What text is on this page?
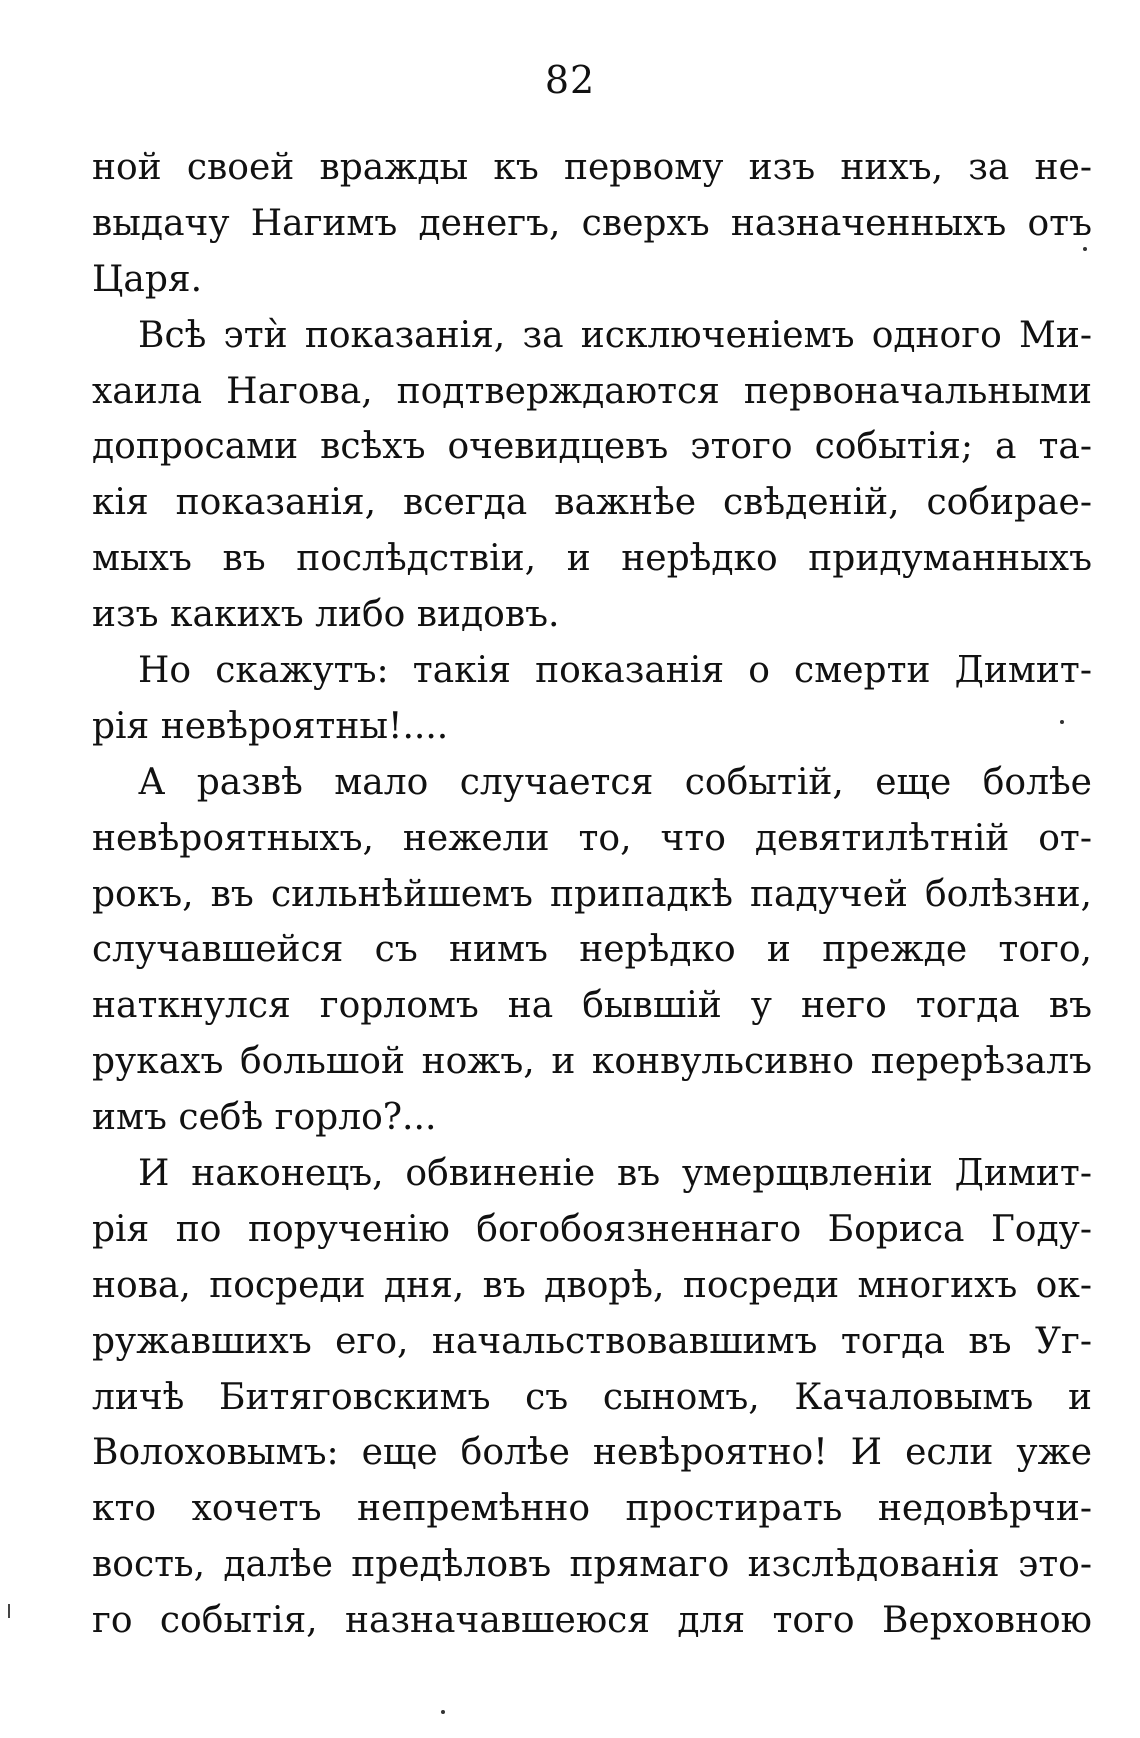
82
ной своей вражды къ первому изъ нихъ, за не-
выдачу Нагимъ денегъ, сверхъ назначенныхъ отъ
Царя.
Всѣ этѝ показанія, за исключеніемъ одного Ми-
хаила Нагова, подтверждаются первоначальными
допросами всѣхъ очевидцевъ этого событія; а та-
кія показанія, всегда важнѣе свѣденій, собирае-
мыхъ въ послѣдствіи, и нерѣдко придуманныхъ
изъ какихъ либо видовъ.
Но скажутъ: такія показанія о смерти Димит-
рія невѣроятны!....
А развѣ мало случается событій, еще болѣе
невѣроятныхъ, нежели то, что девятилѣтній от-
рокъ, въ сильнѣйшемъ припадкѣ падучей болѣзни,
случавшейся съ нимъ нерѣдко и прежде того,
наткнулся горломъ на бывшій у него тогда въ
рукахъ большой ножъ, и конвульсивно перерѣзалъ
имъ себѣ горло?...
И наконецъ, обвиненіе въ умерщвленіи Димит-
рія по порученію богобоязненнаго Бориса Году-
нова, посреди дня, въ дворѣ, посреди многихъ ок-
ружавшихъ его, начальствовавшимъ тогда въ Уг-
личѣ Битяговскимъ съ сыномъ, Качаловымъ и
Волоховымъ: еще болѣе невѣроятно! И если уже
кто хочетъ непремѣнно простирать недовѣрчи-
вость, далѣе предѣловъ прямаго изслѣдованія это-
го событія, назначавшеюся для того Верховною
